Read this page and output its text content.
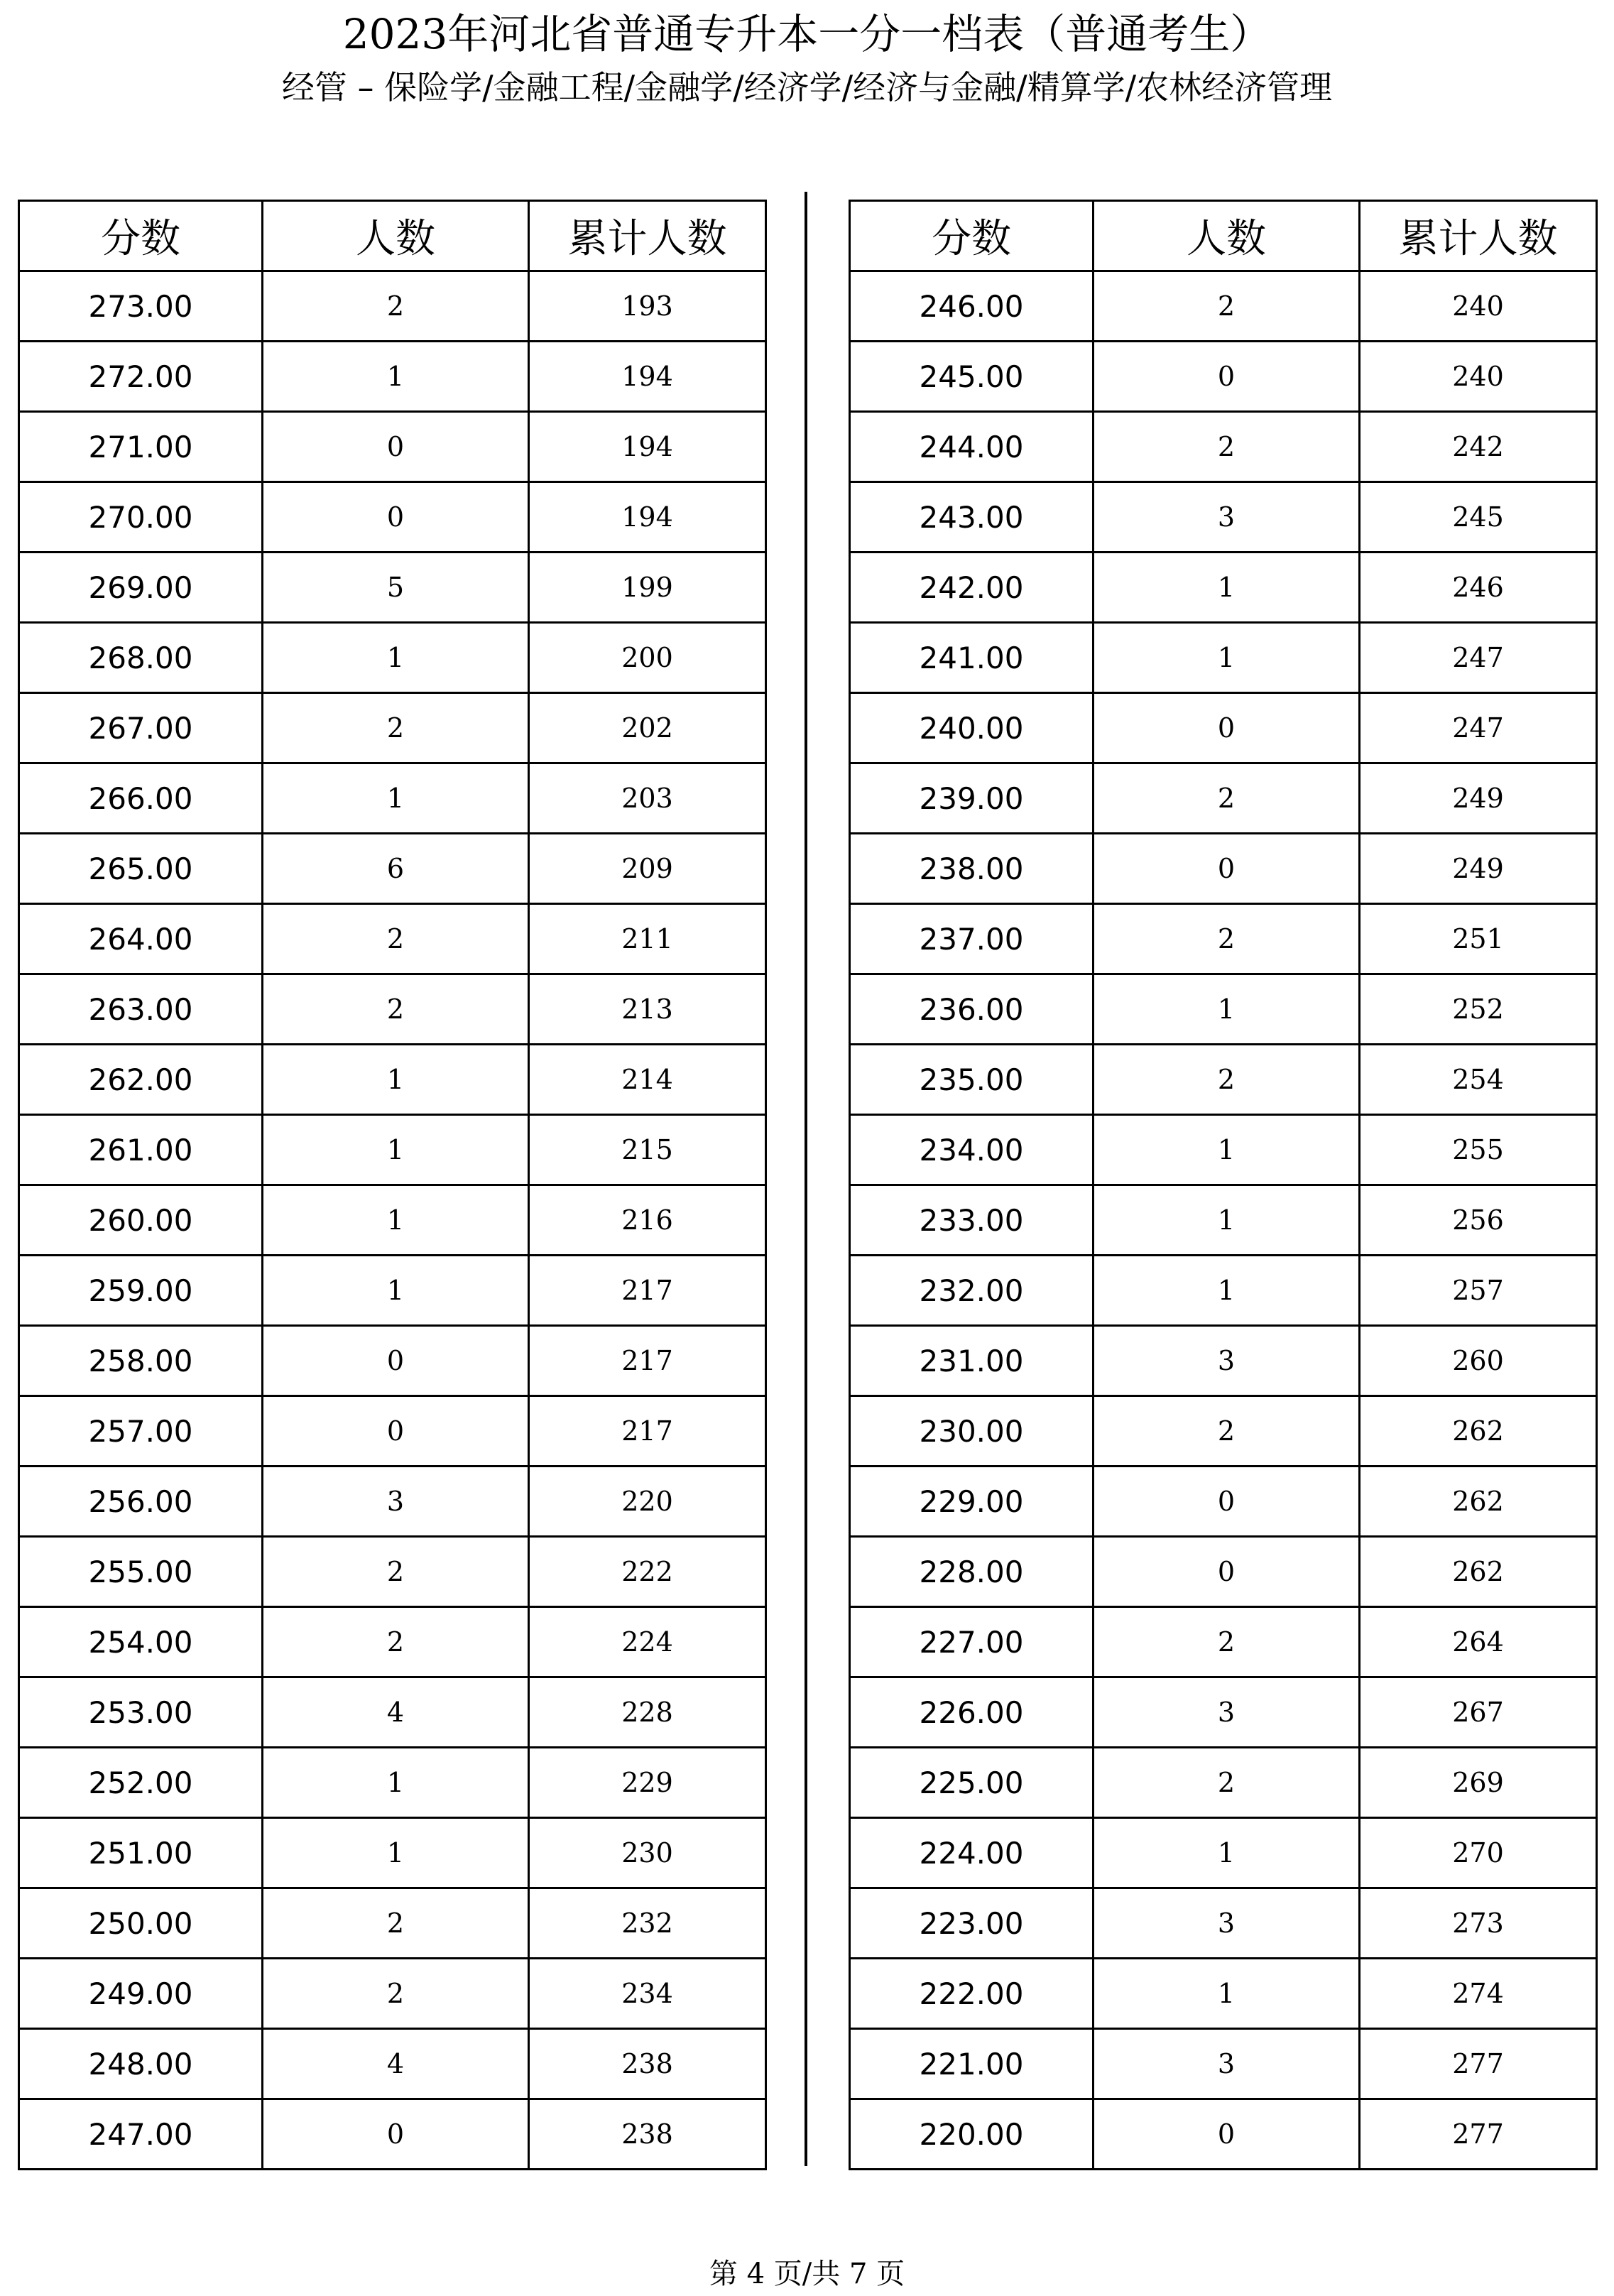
2023年河北省普通专升本一分一档表（普通考生）
经管 – 保险学/金融工程/金融学/经济学/经济与金融/精算学/农林经济管理
分数	人数	累计人数
273.00	2	193
272.00	1	194
271.00	0	194
270.00	0	194
269.00	5	199
268.00	1	200
267.00	2	202
266.00	1	203
265.00	6	209
264.00	2	211
263.00	2	213
262.00	1	214
261.00	1	215
260.00	1	216
259.00	1	217
258.00	0	217
257.00	0	217
256.00	3	220
255.00	2	222
254.00	2	224
253.00	4	228
252.00	1	229
251.00	1	230
250.00	2	232
249.00	2	234
248.00	4	238
247.00	0	238
分数	人数	累计人数
246.00	2	240
245.00	0	240
244.00	2	242
243.00	3	245
242.00	1	246
241.00	1	247
240.00	0	247
239.00	2	249
238.00	0	249
237.00	2	251
236.00	1	252
235.00	2	254
234.00	1	255
233.00	1	256
232.00	1	257
231.00	3	260
230.00	2	262
229.00	0	262
228.00	0	262
227.00	2	264
226.00	3	267
225.00	2	269
224.00	1	270
223.00	3	273
222.00	1	274
221.00	3	277
220.00	0	277
第 4 页/共 7 页
